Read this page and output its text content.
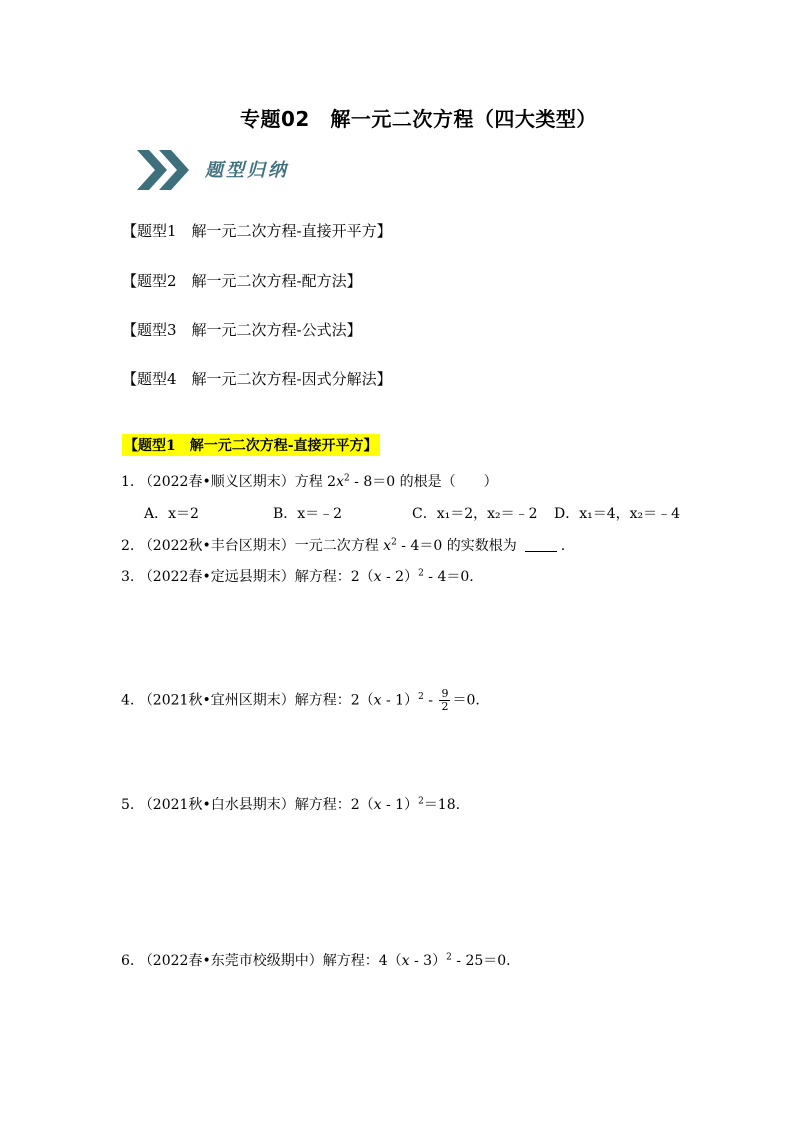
专题02　解一元二次方程（四大类型）
题型归纳
【题型1　解一元二次方程-直接开平方】
【题型2　解一元二次方程-配方法】
【题型3　解一元二次方程-公式法】
【题型4　解一元二次方程-因式分解法】
【题型1　解一元二次方程-直接开平方】
1. （2022春•顺义区期末）方程 $2x^2 - 8=0$ 的根是（　　）
A．x＝2	B．x＝﹣2	C．x₁＝2，x₂＝﹣2 D．x₁＝4，x₂＝﹣4
2. （2022秋•丰台区期末）一元二次方程 $x^2 - 4=0$ 的实数根为	.
3. （2022春•定远县期末）解方程：2（x - 2）$^2$ - 4＝0.
4. （2021秋•宜州区期末）解方程：$2(x - 1)^2 - \frac{9}{2} =0$.
5. （2021秋•白水县期末）解方程：2（x - 1）$^2$＝18.
6. （2022春•东莞市校级期中）解方程：4（x - 3）$^2$ - 25＝0.
